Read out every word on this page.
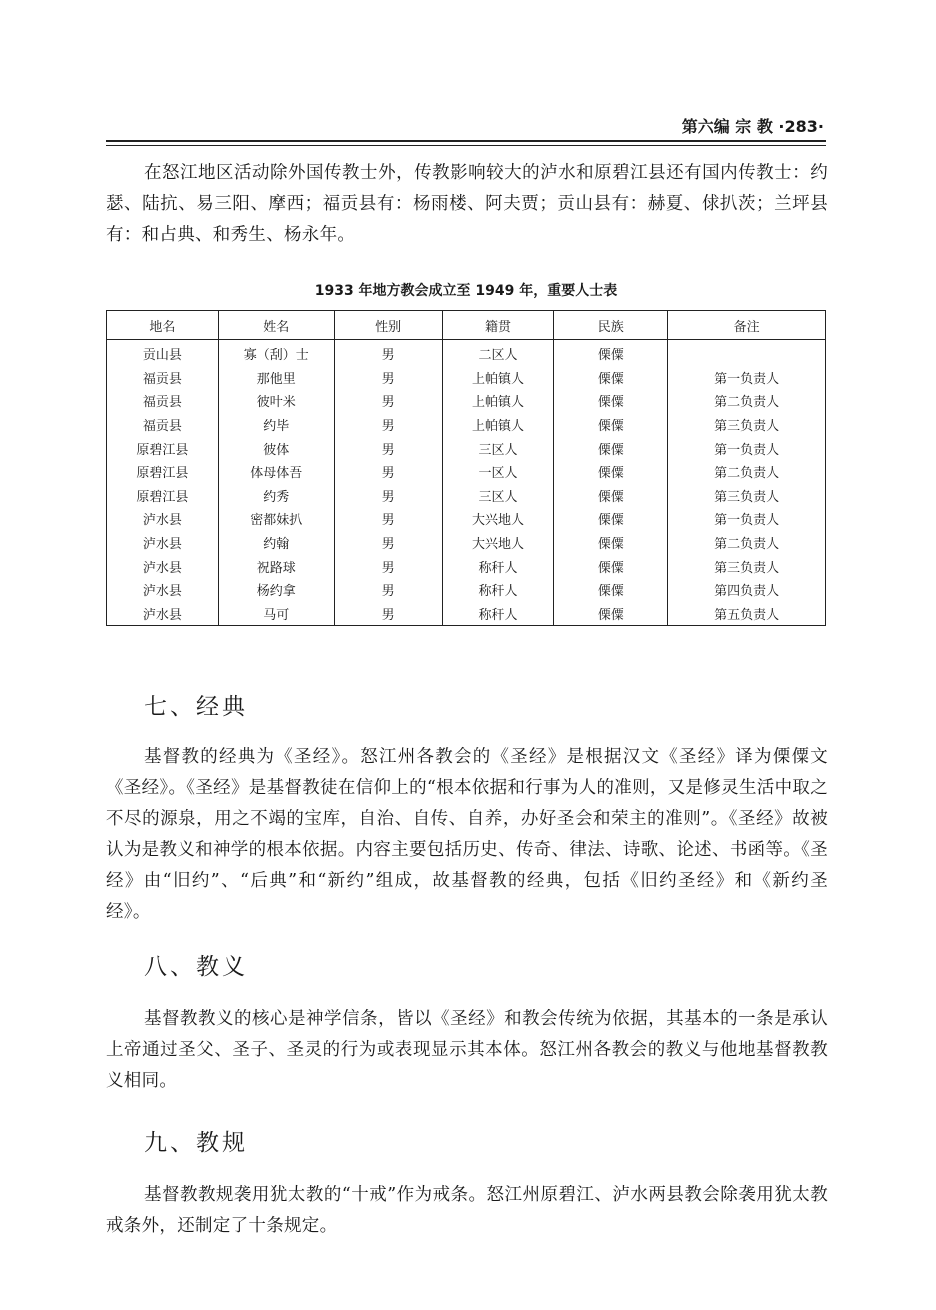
第六编 宗 教 ·283·

在怒江地区活动除外国传教士外，传教影响较大的泸水和原碧江县还有国内传教士：约瑟、陆抗、易三阳、摩西；福贡县有：杨雨楼、阿夫贾；贡山县有：赫夏、俅扒茨；兰坪县有：和占典、和秀生、杨永年。

1933 年地方教会成立至 1949 年，重要人士表
地名	姓名	性别	籍贯	民族	备注
贡山县	寡（刮）士	男	二区人	傈僳	
福贡县	那他里	男	上帕镇人	傈僳	第一负责人
福贡县	彼叶米	男	上帕镇人	傈僳	第二负责人
福贡县	约毕	男	上帕镇人	傈僳	第三负责人
原碧江县	彼体	男	三区人	傈僳	第一负责人
原碧江县	体母体吾	男	一区人	傈僳	第二负责人
原碧江县	约秀	男	三区人	傈僳	第三负责人
泸水县	密都妹扒	男	大兴地人	傈僳	第一负责人
泸水县	约翰	男	大兴地人	傈僳	第二负责人
泸水县	祝路球	男	称秆人	傈僳	第三负责人
泸水县	杨约拿	男	称秆人	傈僳	第四负责人
泸水县	马可	男	称秆人	傈僳	第五负责人
七、经典

基督教的经典为《圣经》。怒江州各教会的《圣经》是根据汉文《圣经》译为傈僳文《圣经》。《圣经》是基督教徒在信仰上的“根本依据和行事为人的准则，又是修灵生活中取之不尽的源泉，用之不竭的宝库，自治、自传、自养，办好圣会和荣主的准则”。《圣经》故被认为是教义和神学的根本依据。内容主要包括历史、传奇、律法、诗歌、论述、书函等。《圣经》由“旧约”、“后典”和“新约”组成，故基督教的经典，包括《旧约圣经》和《新约圣经》。

八、教义

基督教教义的核心是神学信条，皆以《圣经》和教会传统为依据，其基本的一条是承认上帝通过圣父、圣子、圣灵的行为或表现显示其本体。怒江州各教会的教义与他地基督教教义相同。

九、教规

基督教教规袭用犹太教的“十戒”作为戒条。怒江州原碧江、泸水两县教会除袭用犹太教戒条外，还制定了十条规定。
